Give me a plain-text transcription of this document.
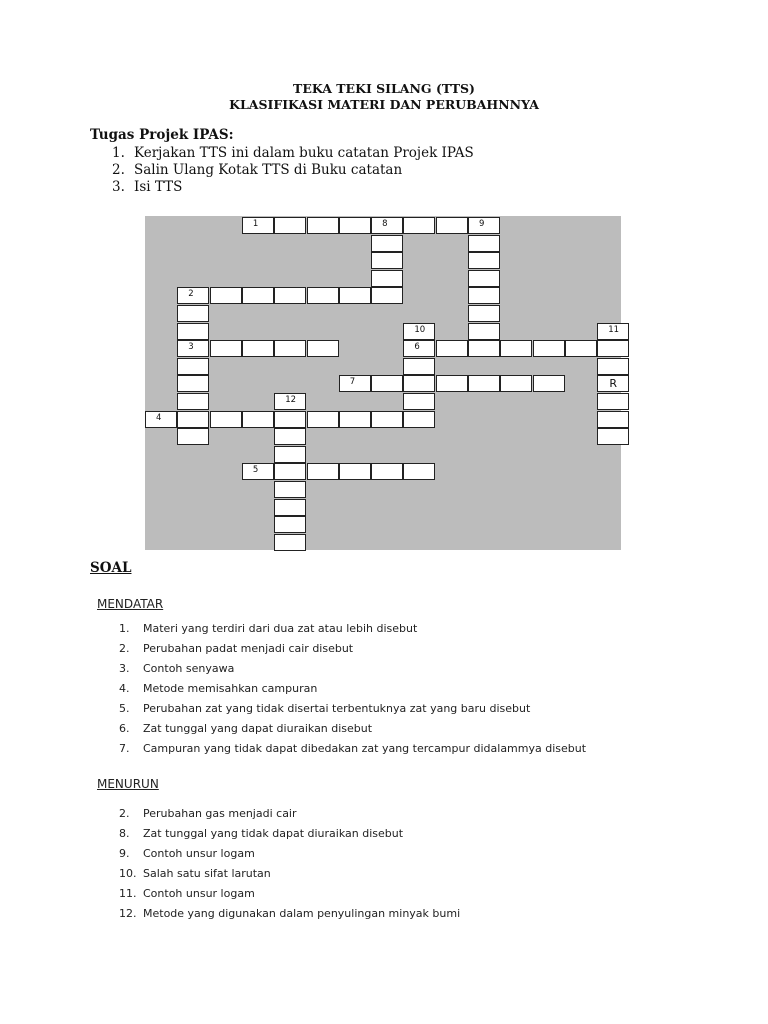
TEKA TEKI SILANG (TTS)
KLASIFIKASI MATERI DAN PERUBAHNNYA
Tugas Projek IPAS:
1. Kerjakan TTS ini dalam buku catatan Projek IPAS
2. Salin Ulang Kotak TTS di Buku catatan
3. Isi TTS
1	8
2
3
4
5
6
7
9
10	11
R
12
SOAL
MENDATAR
1. Materi yang terdiri dari dua zat atau lebih disebut
2. Perubahan padat menjadi cair disebut
3. Contoh senyawa
4. Metode memisahkan campuran
5. Perubahan zat yang tidak disertai terbentuknya zat yang baru disebut
6. Zat tunggal yang dapat diuraikan disebut
7. Campuran yang tidak dapat dibedakan zat yang tercampur didalammya disebut
MENURUN
2. Perubahan gas menjadi cair
8. Zat tunggal yang tidak dapat diuraikan disebut
9. Contoh unsur logam
10. Salah satu sifat larutan
11. Contoh unsur logam
12. Metode yang digunakan dalam penyulingan minyak bumi
